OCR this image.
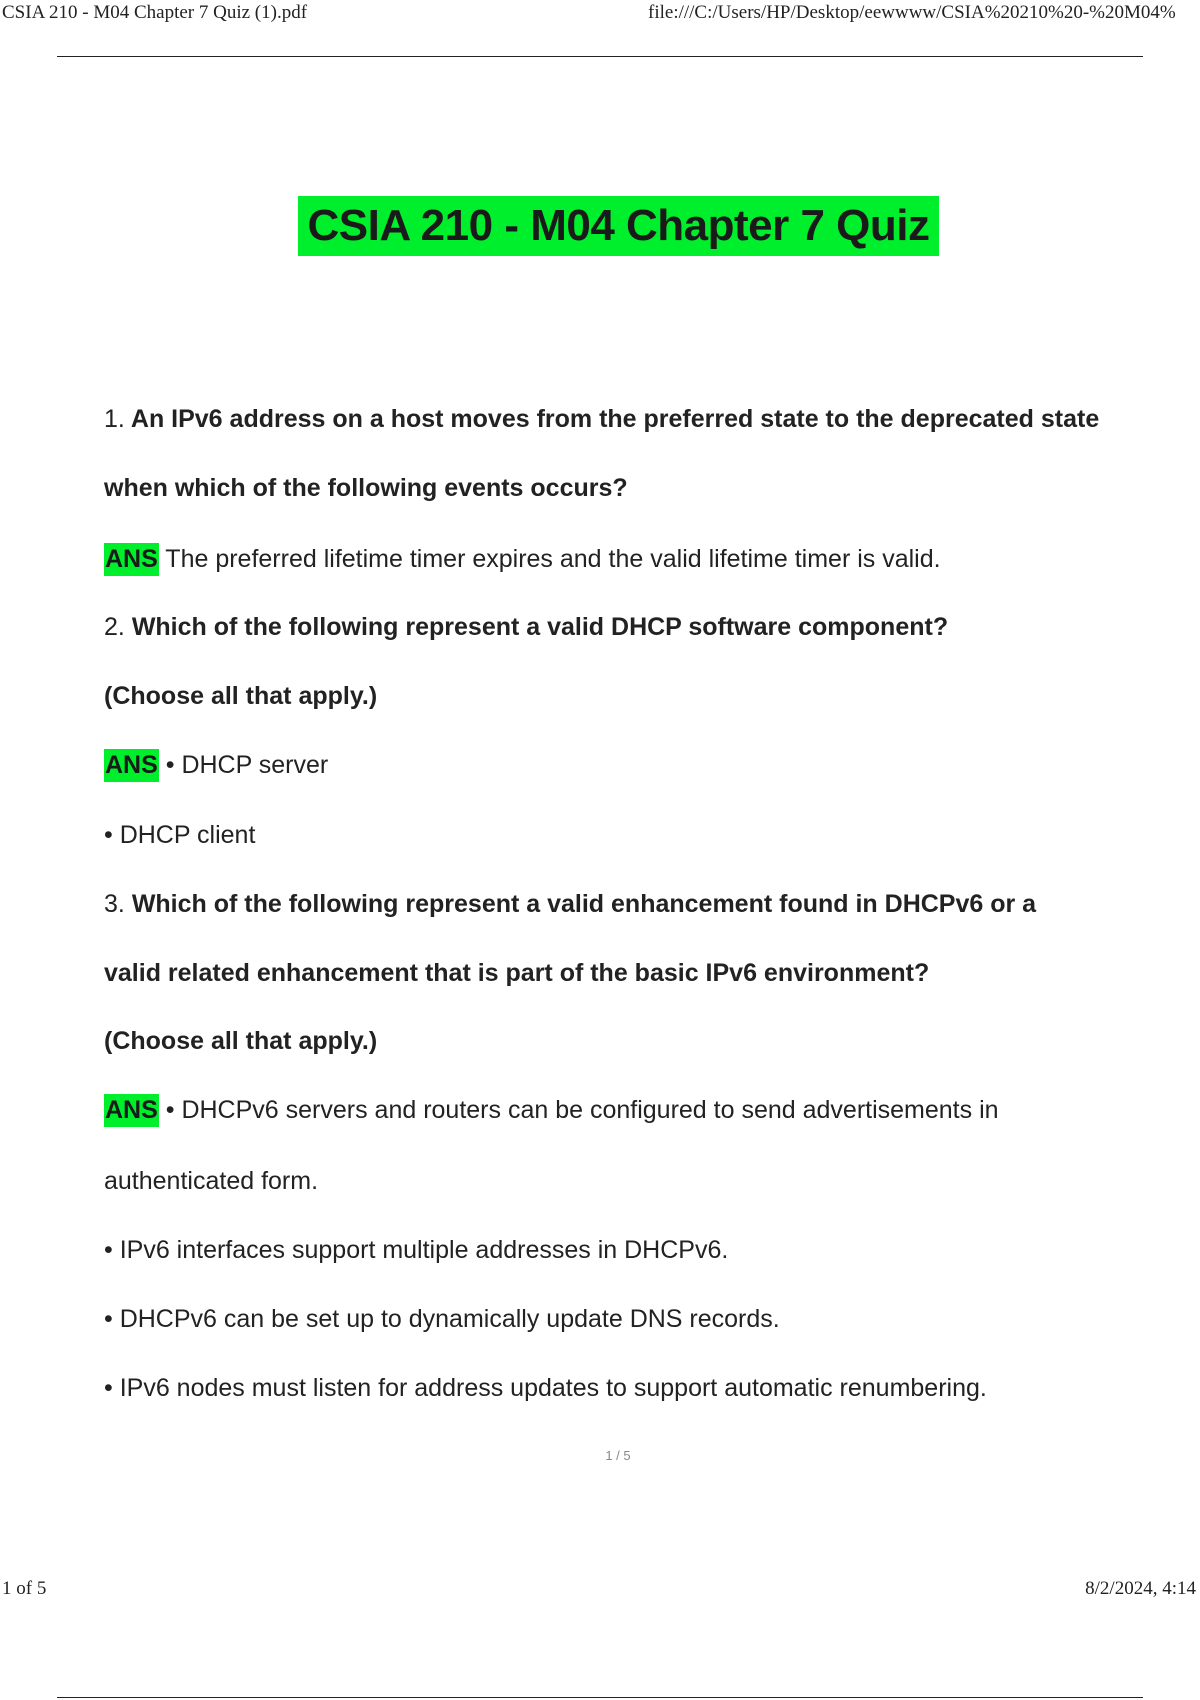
CSIA 210 - M04 Chapter 7 Quiz (1).pdf	file:///C:/Users/HP/Desktop/eewwww/CSIA%20210%20-%20M04%
CSIA 210 - M04 Chapter 7 Quiz
1. An IPv6 address on a host moves from the preferred state to the deprecated state
when which of the following events occurs?
ANS The preferred lifetime timer expires and the valid lifetime timer is valid.
2. Which of the following represent a valid DHCP software component?
(Choose all that apply.)
ANS • DHCP server
• DHCP client
3. Which of the following represent a valid enhancement found in DHCPv6 or a
valid related enhancement that is part of the basic IPv6 environment?
(Choose all that apply.)
ANS • DHCPv6 servers and routers can be configured to send advertisements in
authenticated form.
• IPv6 interfaces support multiple addresses in DHCPv6.
• DHCPv6 can be set up to dynamically update DNS records.
• IPv6 nodes must listen for address updates to support automatic renumbering.
1 / 5
1 of 5	8/2/2024, 4:14
